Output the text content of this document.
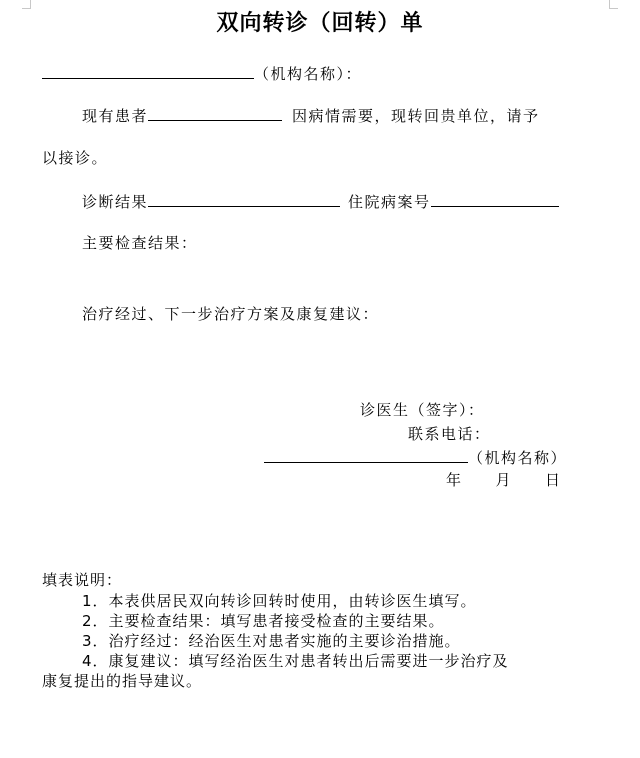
双向转诊（回转）单
（机构名称）：
现有患者	因病情需要，现转回贵单位，请予
以接诊。
诊断结果	住院病案号
主要检查结果：
治疗经过、下一步治疗方案及康复建议：
诊医生（签字）：
联系电话：
（机构名称）
年　　月　　日
填表说明：
1．本表供居民双向转诊回转时使用，由转诊医生填写。
2．主要检查结果：填写患者接受检查的主要结果。
3．治疗经过：经治医生对患者实施的主要诊治措施。
4．康复建议：填写经治医生对患者转出后需要进一步治疗及
康复提出的指导建议。
